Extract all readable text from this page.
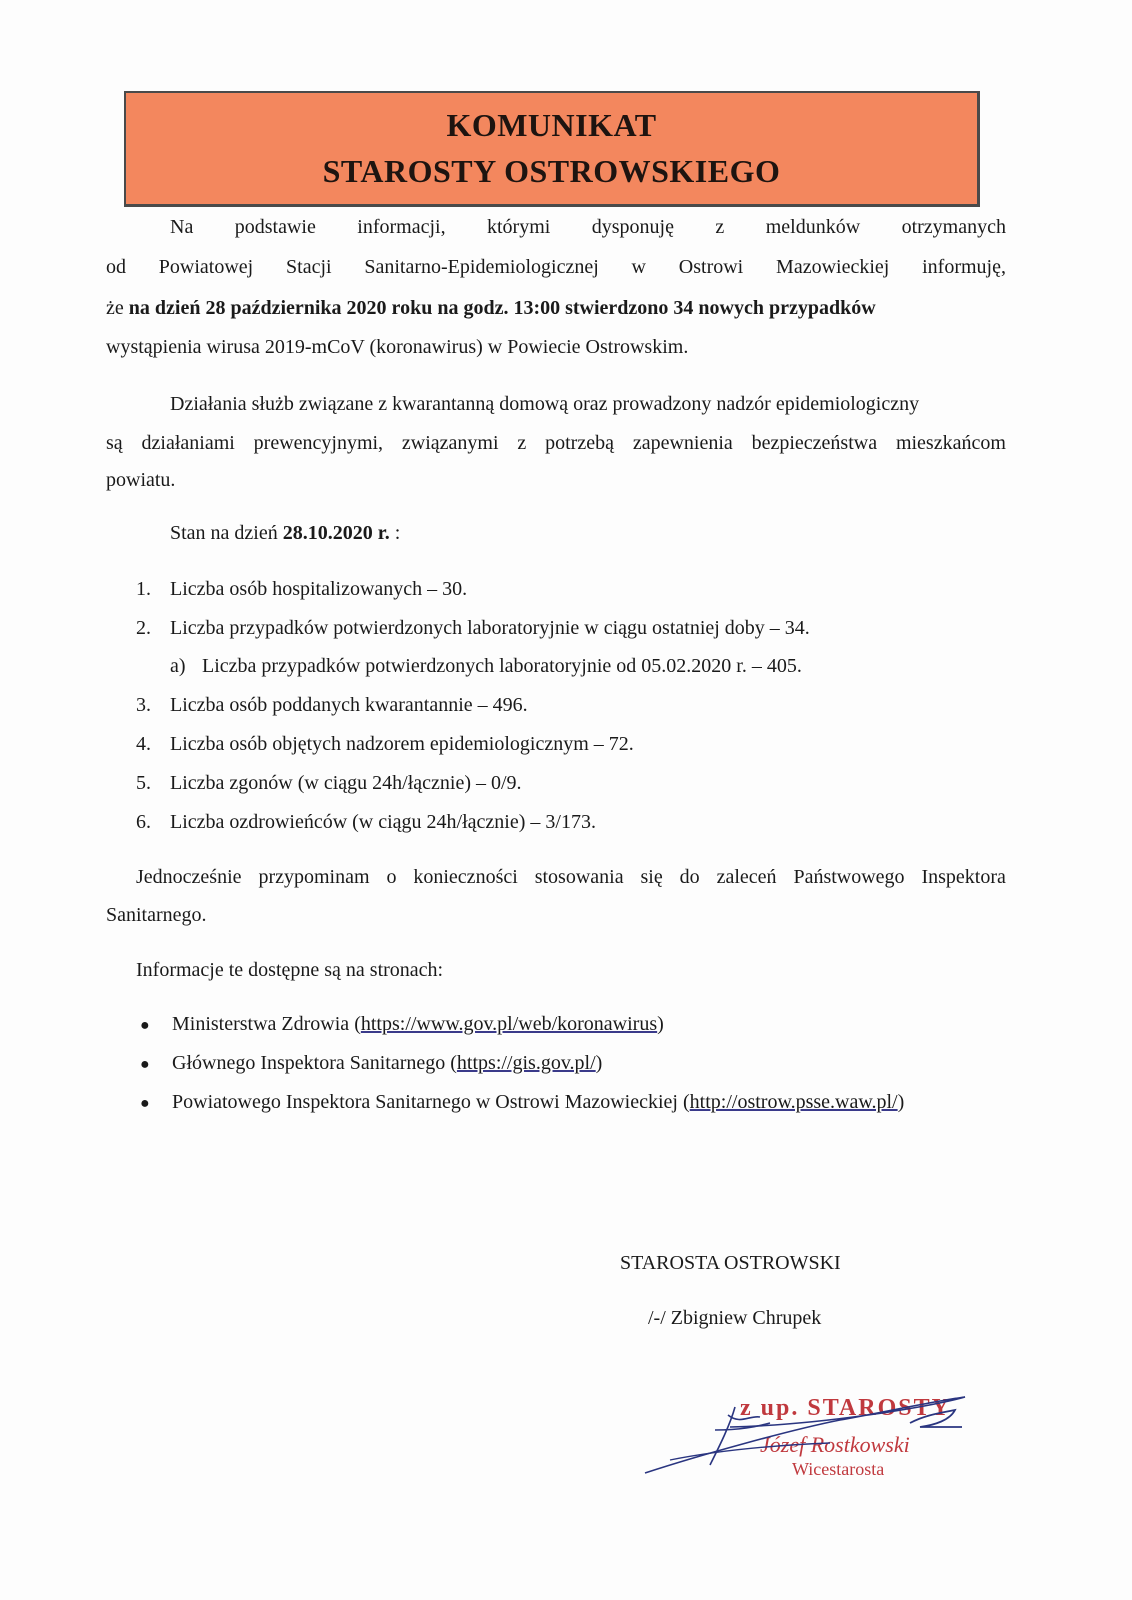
KOMUNIKAT
STAROSTY OSTROWSKIEGO
Na podstawie informacji, którymi dysponuję z meldunków otrzymanych
od Powiatowej Stacji Sanitarno-Epidemiologicznej w Ostrowi Mazowieckiej informuję,
że na dzień 28 października 2020 roku na godz. 13:00 stwierdzono 34 nowych przypadków
wystąpienia wirusa 2019-mCoV (koronawirus) w Powiecie Ostrowskim.
Działania służb związane z kwarantanną domową oraz prowadzony nadzór epidemiologiczny
są działaniami prewencyjnymi, związanymi z potrzebą zapewnienia bezpieczeństwa mieszkańcom
powiatu.
Stan na dzień 28.10.2020 r. :
1. Liczba osób hospitalizowanych – 30.
2. Liczba przypadków potwierdzonych laboratoryjnie w ciągu ostatniej doby – 34.
a) Liczba przypadków potwierdzonych laboratoryjnie od 05.02.2020 r. – 405.
3. Liczba osób poddanych kwarantannie – 496.
4. Liczba osób objętych nadzorem epidemiologicznym – 72.
5. Liczba zgonów (w ciągu 24h/łącznie) – 0/9.
6. Liczba ozdrowieńców (w ciągu 24h/łącznie) – 3/173.
Jednocześnie przypominam o konieczności stosowania się do zaleceń Państwowego Inspektora
Sanitarnego.
Informacje te dostępne są na stronach:
● Ministerstwa Zdrowia (https://www.gov.pl/web/koronawirus)
● Głównego Inspektora Sanitarnego (https://gis.gov.pl/)
● Powiatowego Inspektora Sanitarnego w Ostrowi Mazowieckiej (http://ostrow.psse.waw.pl/)
STAROSTA OSTROWSKI
/-/ Zbigniew Chrupek
z up. STAROSTY
Józef Rostkowski
Wicestarosta
